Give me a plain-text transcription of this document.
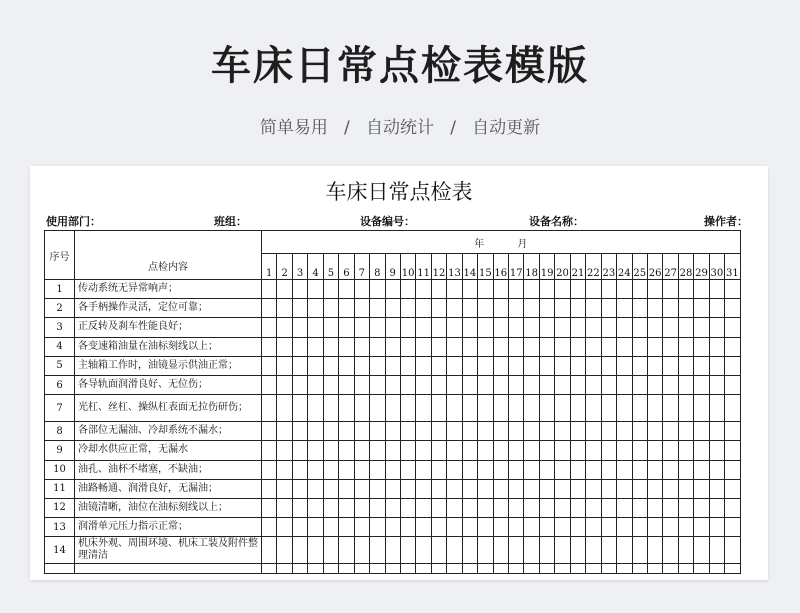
车床日常点检表模版
简单易用 / 自动统计 / 自动更新
车床日常点检表
使用部门：	班组：	设备编号：	设备名称：	操作者：
序号		年 月																														
	点检内容	1	2	3	4	5	6	7	8	9	10	11	12	13	14	15	16	17	18	19	20	21	22	23	24	25	26	27	28	29	30	31
1	传动系统无异常响声；																															
2	各手柄操作灵活，定位可靠；																															
3	正反转及刹车性能良好；																															
4	各变速箱油量在油标刻线以上；																															
5	主轴箱工作时，油镜显示供油正常；																															
6	各导轨面润滑良好、无位伤；																															
7	光杠、丝杠、操纵杠表面无拉伤研伤；																															
8	各部位无漏油、冷却系统不漏水；																															
9	冷却水供应正常，无漏水																															
10	油孔、油杯不堵塞，不缺油；																															
11	油路畅通、润滑良好，无漏油；																															
12	油镜清晰，油位在油标刻线以上；																															
13	润滑单元压力指示正常；																															
14	机床外观、周围环境、机床工装及附件整理清洁																															
